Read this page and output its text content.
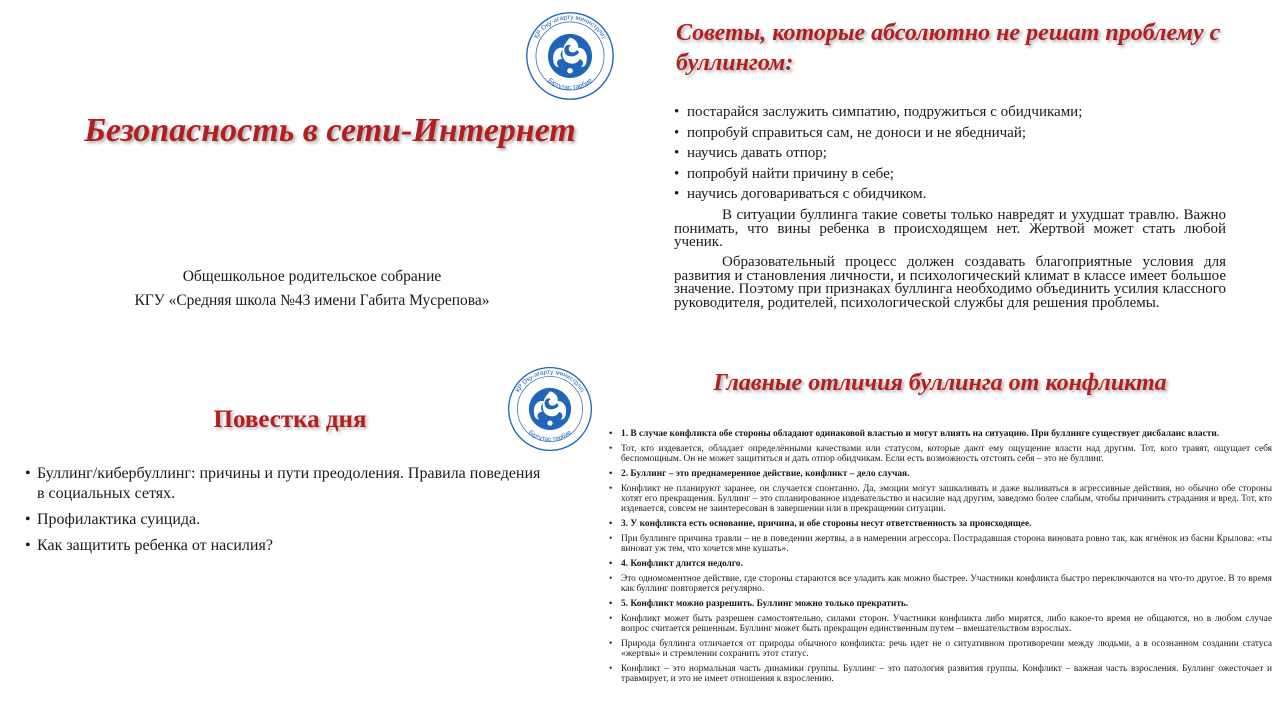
ҚР Оқу-ағарту министрлігі
Біртұтас тәрбие
Безопасность в сети-Интернет
Общешкольное родительское собрание
КГУ «Средняя школа №43 имени Габита Мусрепова»
Советы, которые абсолютно не решат проблему с буллингом:
• постарайся заслужить симпатию, подружиться с обидчиками;
• попробуй справиться сам, не доноси и не ябедничай;
• научись давать отпор;
• попробуй найти причину в себе;
• научись договариваться с обидчиком.
В ситуации буллинга такие советы только навредят и ухудшат травлю. Важно понимать, что вины ребенка в происходящем нет. Жертвой может стать любой ученик.
Образовательный процесс должен создавать благоприятные условия для развития и становления личности, и психологический климат в классе имеет большое значение. Поэтому при признаках буллинга необходимо объединить усилия классного руководителя, родителей, психологической службы для решения проблемы.
ҚР Оқу-ағарту министрлігі
Біртұтас тәрбие
Повестка дня
• Буллинг/кибербуллинг: причины и пути преодоления. Правила поведения в социальных сетях.
• Профилактика суицида.
• Как защитить ребенка от насилия?
Главные отличия буллинга от конфликта
• 1. В случае конфликта обе стороны обладают одинаковой властью и могут влиять на ситуацию. При буллинге существует дисбаланс власти.
• Тот, кто издевается, обладает определёнными качествами или статусом, которые дают ему ощущение власти над другим. Тот, кого травят, ощущает себя беспомощным. Он не может защититься и дать отпор обидчикам. Если есть возможность отстоять себя – это не буллинг.
• 2. Буллинг – это преднамеренное действие, конфликт – дело случая.
• Конфликт не планируют заранее, он случается спонтанно. Да, эмоции могут зашкаливать и даже выливаться в агрессивные действия, но обычно обе стороны хотят его прекращения. Буллинг – это спланированное издевательство и насилие над другим, заведомо более слабым, чтобы причинить страдания и вред. Тот, кто издевается, совсем не заинтересован в завершении или в прекращении ситуации.
• 3. У конфликта есть основание, причина, и обе стороны несут ответственность за происходящее.
• При буллинге причина травли – не в поведении жертвы, а в намерении агрессора. Пострадавшая сторона виновата ровно так, как ягнёнок из басни Крылова: «ты виноват уж тем, что хочется мне кушать».
• 4. Конфликт длится недолго.
• Это одномоментное действие, где стороны стараются все уладить как можно быстрее. Участники конфликта быстро переключаются на что-то другое. В то время как буллинг повторяется регулярно.
• 5. Конфликт можно разрешить. Буллинг можно только прекратить.
• Конфликт может быть разрешен самостоятельно, силами сторон. Участники конфликта либо мирятся, либо какое-то время не общаются, но в любом случае вопрос считается решенным. Буллинг может быть прекращен единственным путем – вмешательством взрослых.
• Природа буллинга отличается от природы обычного конфликта: речь идет не о ситуативном противоречии между людьми, а в осознанном создании статуса «жертвы» и стремлении сохранить этот статус.
• Конфликт – это нормальная часть динамики группы. Буллинг – это патология развития группы. Конфликт – важная часть взросления. Буллинг ожесточает и травмирует, и это не имеет отношения к взрослению.
